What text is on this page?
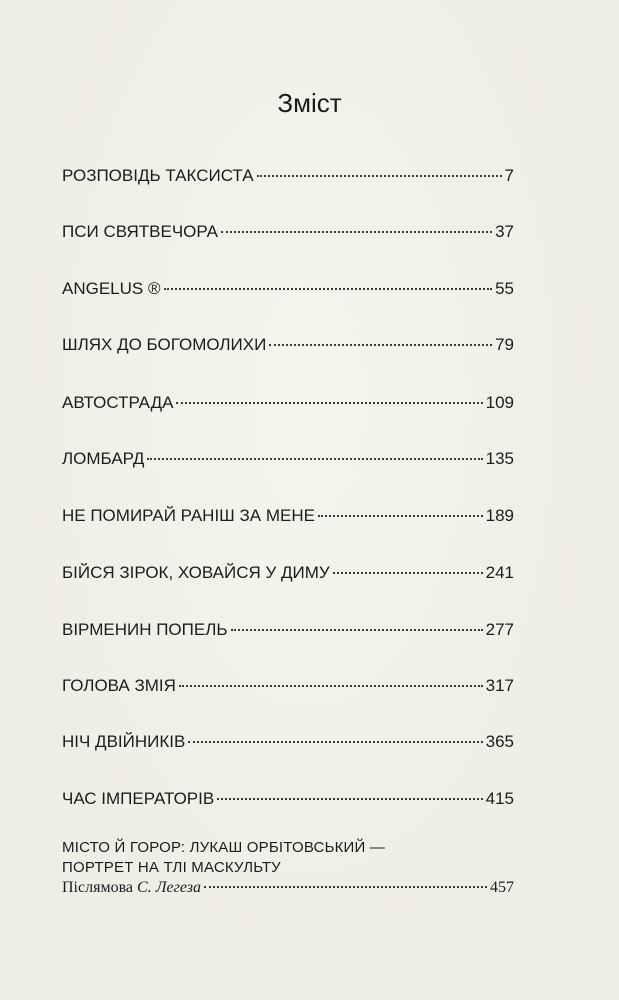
Зміст
РОЗПОВІДЬ ТАКСИСТА	7
ПСИ СВЯТВЕЧОРА	37
ANGELUS ®	55
ШЛЯХ ДО БОГОМОЛИХИ	79
АВТОСТРАДА	109
ЛОМБАРД	135
НЕ ПОМИРАЙ РАНІШ ЗА МЕНЕ	189
БІЙСЯ ЗІРОК, ХОВАЙСЯ У ДИМУ	241
ВІРМЕНИН ПОПЕЛЬ	277
ГОЛОВА ЗМІЯ	317
НІЧ ДВІЙНИКІВ	365
ЧАС ІМПЕРАТОРІВ	415
МІСТО Й ГОРОР: ЛУКАШ ОРБІТОВСЬКИЙ —
ПОРТРЕТ НА ТЛІ МАСКУЛЬТУ
Післямова
С. Легеза	457
